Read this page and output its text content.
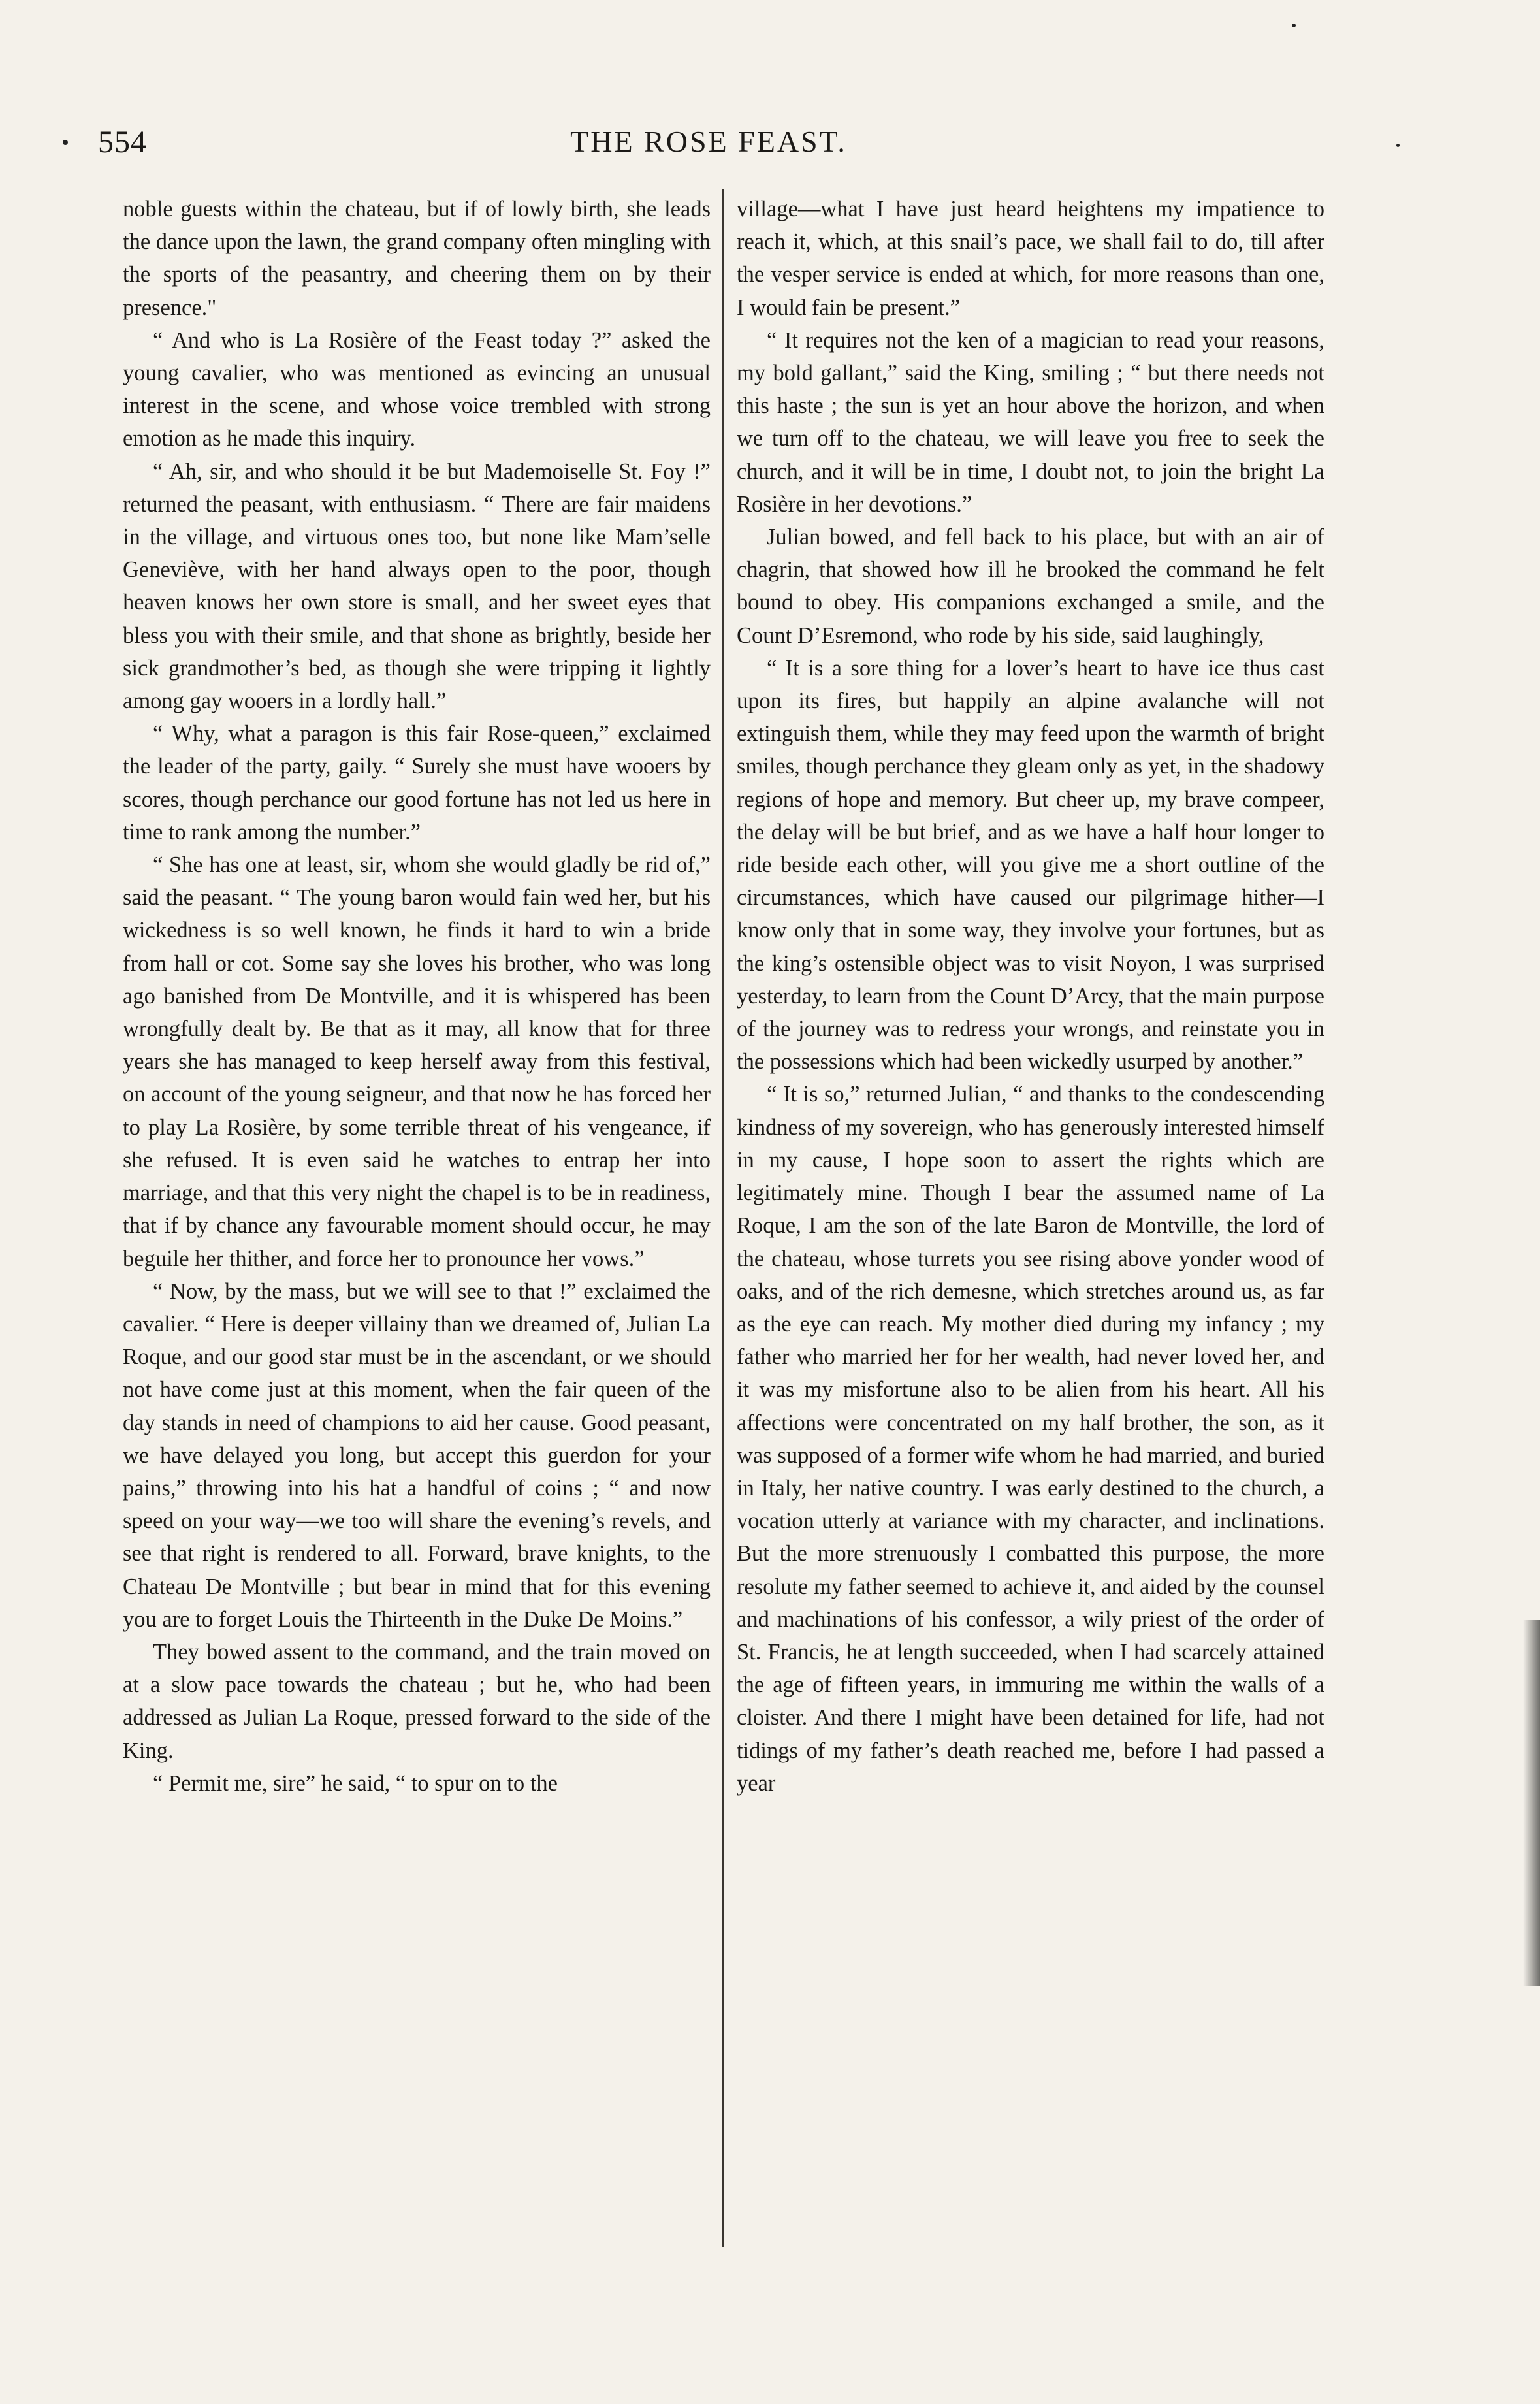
554	THE ROSE FEAST.

noble guests within the chateau, but if of lowly birth, she leads the dance upon the lawn, the grand company often mingling with the sports of the peasantry, and cheering them on by their presence."

“ And who is La Rosière of the Feast today ?” asked the young cavalier, who was mentioned as evincing an unusual interest in the scene, and whose voice trembled with strong emotion as he made this inquiry.

“ Ah, sir, and who should it be but Mademoiselle St. Foy !” returned the peasant, with enthusiasm. “ There are fair maidens in the village, and virtuous ones too, but none like Mam’selle Geneviève, with her hand always open to the poor, though heaven knows her own store is small, and her sweet eyes that bless you with their smile, and that shone as brightly, beside her sick grandmother’s bed, as though she were tripping it lightly among gay wooers in a lordly hall.”

“ Why, what a paragon is this fair Rose-queen,” exclaimed the leader of the party, gaily. “ Surely she must have wooers by scores, though perchance our good fortune has not led us here in time to rank among the number.”

“ She has one at least, sir, whom she would gladly be rid of,” said the peasant. “ The young baron would fain wed her, but his wickedness is so well known, he finds it hard to win a bride from hall or cot. Some say she loves his brother, who was long ago banished from De Montville, and it is whispered has been wrongfully dealt by. Be that as it may, all know that for three years she has managed to keep herself away from this festival, on account of the young seigneur, and that now he has forced her to play La Rosière, by some terrible threat of his vengeance, if she refused. It is even said he watches to entrap her into marriage, and that this very night the chapel is to be in readiness, that if by chance any favourable moment should occur, he may beguile her thither, and force her to pronounce her vows.”

“ Now, by the mass, but we will see to that !” exclaimed the cavalier. “ Here is deeper villainy than we dreamed of, Julian La Roque, and our good star must be in the ascendant, or we should not have come just at this moment, when the fair queen of the day stands in need of champions to aid her cause. Good peasant, we have delayed you long, but accept this guerdon for your pains,” throwing into his hat a handful of coins ; “ and now speed on your way—we too will share the evening’s revels, and see that right is rendered to all. Forward, brave knights, to the Chateau De Montville ; but bear in mind that for this evening you are to forget Louis the Thirteenth in the Duke De Moins.”

They bowed assent to the command, and the train moved on at a slow pace towards the chateau ; but he, who had been addressed as Julian La Roque, pressed forward to the side of the King.

“ Permit me, sire” he said, “ to spur on to the

village—what I have just heard heightens my impatience to reach it, which, at this snail’s pace, we shall fail to do, till after the vesper service is ended at which, for more reasons than one, I would fain be present.”

“ It requires not the ken of a magician to read your reasons, my bold gallant,” said the King, smiling ; “ but there needs not this haste ; the sun is yet an hour above the horizon, and when we turn off to the chateau, we will leave you free to seek the church, and it will be in time, I doubt not, to join the bright La Rosière in her devotions.”

Julian bowed, and fell back to his place, but with an air of chagrin, that showed how ill he brooked the command he felt bound to obey. His companions exchanged a smile, and the Count D’Esremond, who rode by his side, said laughingly,

“ It is a sore thing for a lover’s heart to have ice thus cast upon its fires, but happily an alpine avalanche will not extinguish them, while they may feed upon the warmth of bright smiles, though perchance they gleam only as yet, in the shadowy regions of hope and memory. But cheer up, my brave compeer, the delay will be but brief, and as we have a half hour longer to ride beside each other, will you give me a short outline of the circumstances, which have caused our pilgrimage hither—I know only that in some way, they involve your fortunes, but as the king’s ostensible object was to visit Noyon, I was surprised yesterday, to learn from the Count D’Arcy, that the main purpose of the journey was to redress your wrongs, and reinstate you in the possessions which had been wickedly usurped by another.”

“ It is so,” returned Julian, “ and thanks to the condescending kindness of my sovereign, who has generously interested himself in my cause, I hope soon to assert the rights which are legitimately mine. Though I bear the assumed name of La Roque, I am the son of the late Baron de Montville, the lord of the chateau, whose turrets you see rising above yonder wood of oaks, and of the rich demesne, which stretches around us, as far as the eye can reach. My mother died during my infancy ; my father who married her for her wealth, had never loved her, and it was my misfortune also to be alien from his heart. All his affections were concentrated on my half brother, the son, as it was supposed of a former wife whom he had married, and buried in Italy, her native country. I was early destined to the church, a vocation utterly at variance with my character, and inclinations. But the more strenuously I combatted this purpose, the more resolute my father seemed to achieve it, and aided by the counsel and machinations of his confessor, a wily priest of the order of St. Francis, he at length succeeded, when I had scarcely attained the age of fifteen years, in immuring me within the walls of a cloister. And there I might have been detained for life, had not tidings of my father’s death reached me, before I had passed a year
